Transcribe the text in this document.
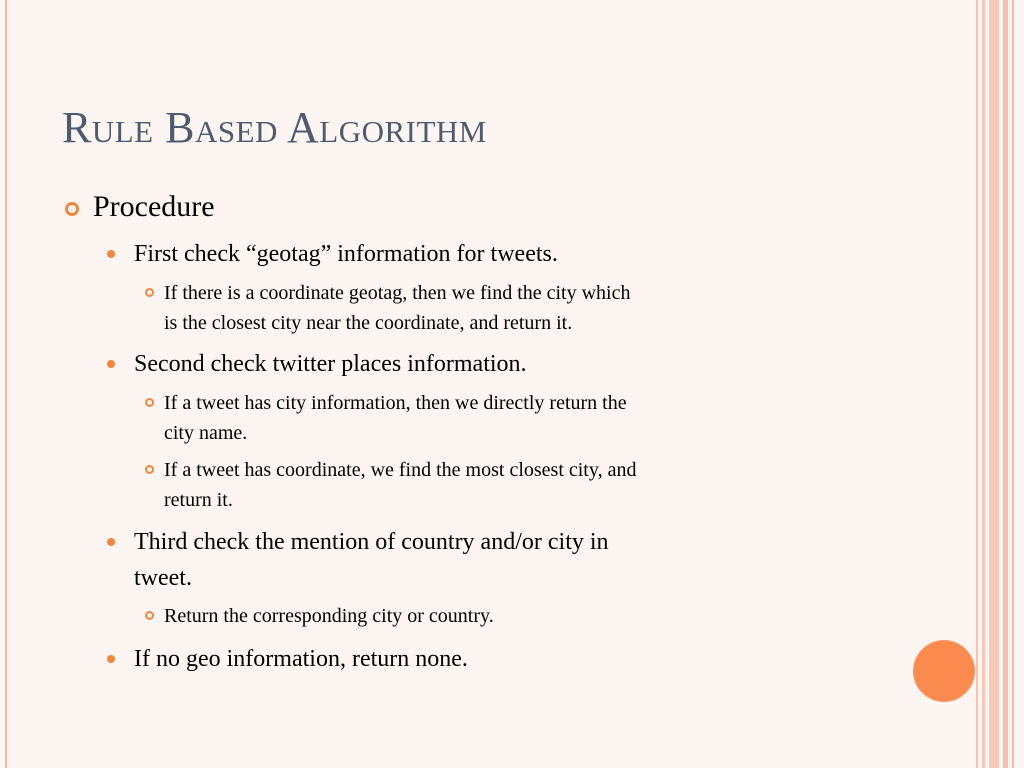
Rule Based Algorithm
Procedure
First check “geotag” information for tweets.
If there is a coordinate geotag, then we find the city which
is the closest city near the coordinate, and return it.
Second check twitter places information.
If a tweet has city information, then we directly return the
city name.
If a tweet has coordinate, we find the most closest city, and
return it.
Third check the mention of country and/or city in
tweet.
Return the corresponding city or country.
If no geo information, return none.
